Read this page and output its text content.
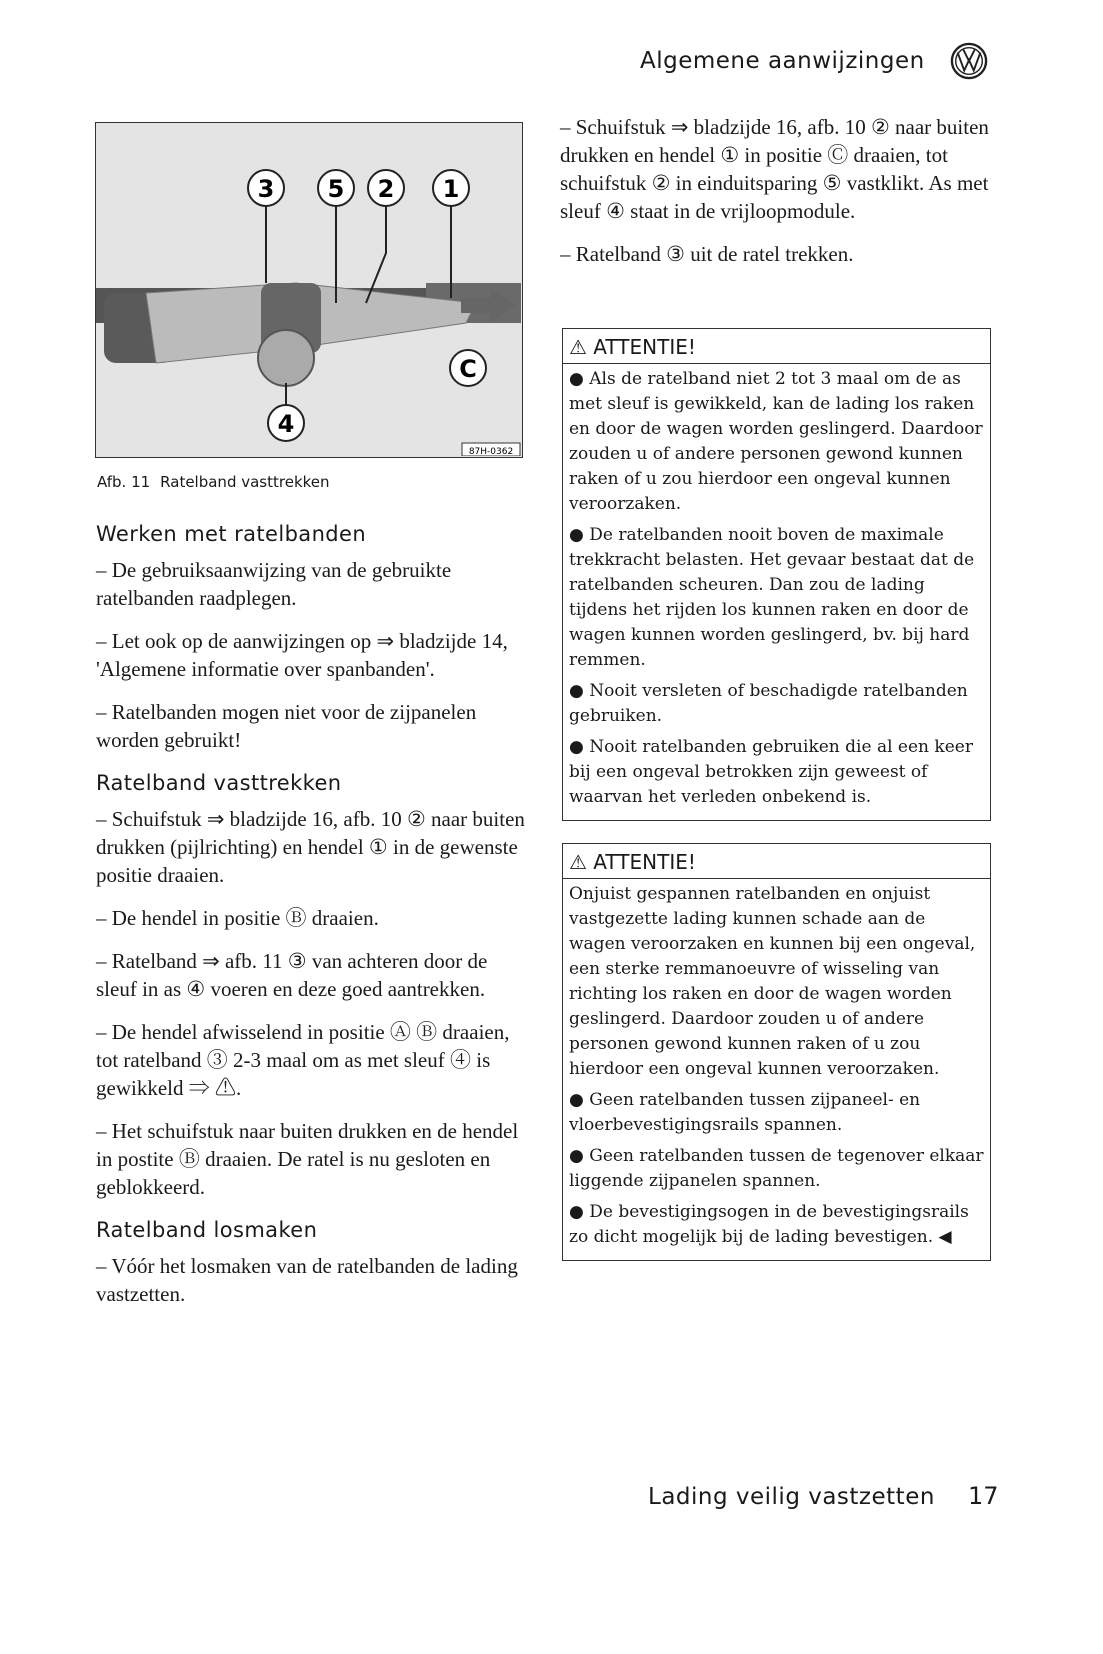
Algemene aanwijzingen
3 5 2 1
C
4
87H-0362
Afb. 11 Ratelband vasttrekken
Werken met ratelbanden

– De gebruiksaanwijzing van de gebruikte ratelbanden raadplegen.

– Let ook op de aanwijzingen op ⇒ bladzijde 14, 'Algemene informatie over spanbanden'.

– Ratelbanden mogen niet voor de zijpanelen worden gebruikt!

Ratelband vasttrekken

– Schuifstuk ⇒ bladzijde 16, afb. 10 ② naar buiten drukken (pijlrichting) en hendel ① in de gewenste positie draaien.

– De hendel in positie Ⓑ draaien.

– Ratelband ⇒ afb. 11 ③ van achteren door de sleuf in as ④ voeren en deze goed aantrekken.

– De hendel afwisselend in positie Ⓐ Ⓑ draaien, tot ratelband ③ 2-3 maal om as met sleuf ④ is gewikkeld ⇒ ⚠.

– Het schuifstuk naar buiten drukken en de hendel in postite Ⓑ draaien. De ratel is nu gesloten en geblokkeerd.

Ratelband losmaken

– Vóór het losmaken van de ratelbanden de lading vastzetten.

– Schuifstuk ⇒ bladzijde 16, afb. 10 ② naar buiten drukken en hendel ① in positie Ⓒ draaien, tot schuifstuk ② in einduitsparing ⑤ vastklikt. As met sleuf ④ staat in de vrijloopmodule.

– Ratelband ③ uit de ratel trekken.

⚠ ATTENTIE!

● Als de ratelband niet 2 tot 3 maal om de as met sleuf is gewikkeld, kan de lading los raken en door de wagen worden geslingerd. Daardoor zouden u of andere personen gewond kunnen raken of u zou hierdoor een ongeval kunnen veroorzaken.

● De ratelbanden nooit boven de maximale trekkracht belasten. Het gevaar bestaat dat de ratelbanden scheuren. Dan zou de lading tijdens het rijden los kunnen raken en door de wagen kunnen worden geslingerd, bv. bij hard remmen.

● Nooit versleten of beschadigde ratelbanden gebruiken.

● Nooit ratelbanden gebruiken die al een keer bij een ongeval betrokken zijn geweest of waarvan het verleden onbekend is.

⚠ ATTENTIE!

Onjuist gespannen ratelbanden en onjuist vastgezette lading kunnen schade aan de wagen veroorzaken en kunnen bij een ongeval, een sterke remmanoeuvre of wisseling van richting los raken en door de wagen worden geslingerd. Daardoor zouden u of andere personen gewond kunnen raken of u zou hierdoor een ongeval kunnen veroorzaken.

● Geen ratelbanden tussen zijpaneel- en vloerbevestigingsrails spannen.

● Geen ratelbanden tussen de tegenover elkaar liggende zijpanelen spannen.

● De bevestigingsogen in de bevestigingsrails zo dicht mogelijk bij de lading bevestigen. ◀

Lading veilig vastzetten 17
